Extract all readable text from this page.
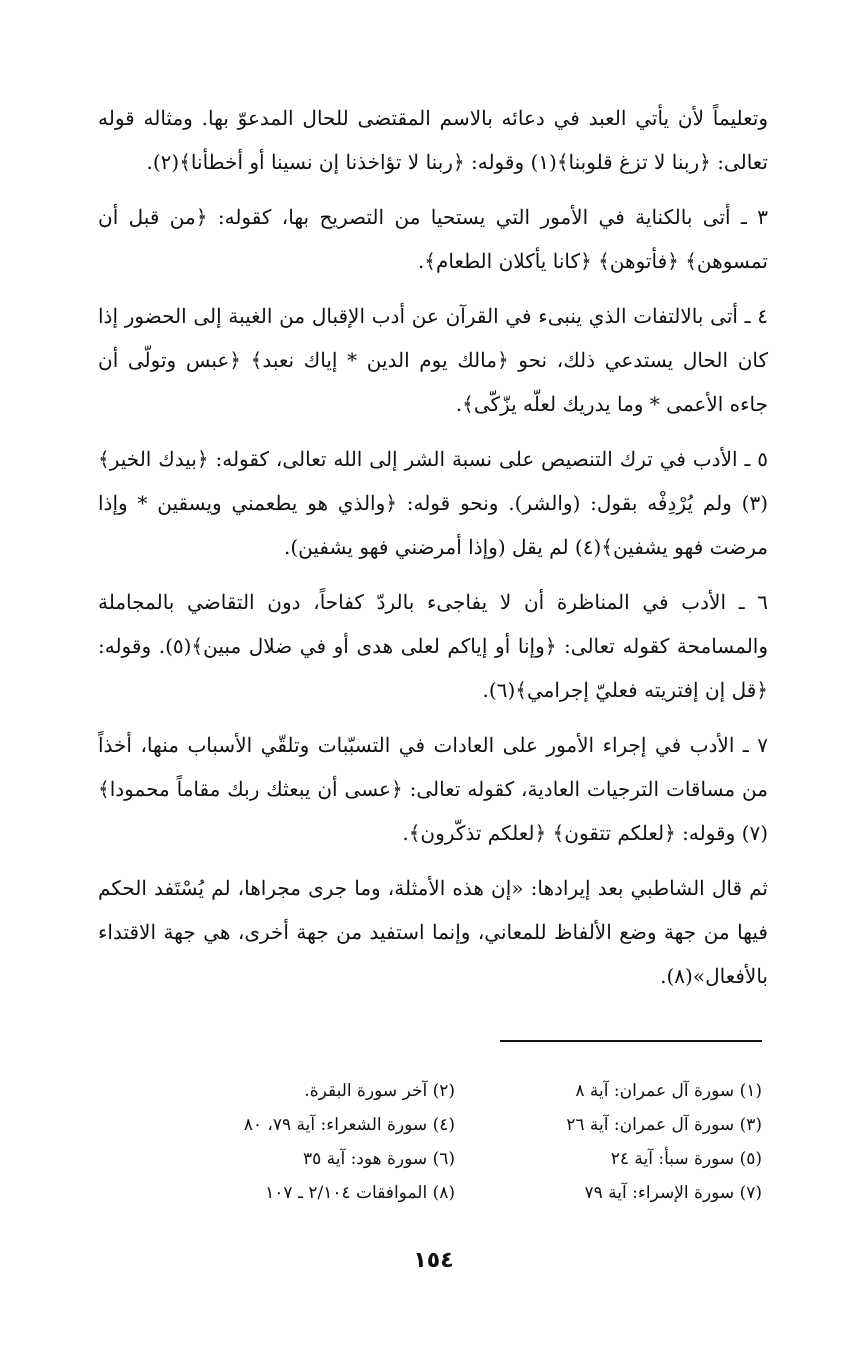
وتعليماً لأن يأتي العبد في دعائه بالاسم المقتضى للحال المدعوّ بها. ومثاله قوله تعالى: ﴿ربنا لا تزغ قلوبنا﴾(١) وقوله: ﴿ربنا لا تؤاخذنا إن نسينا أو أخطأنا﴾(٢).

٣ ـ أتى بالكناية في الأمور التي يستحيا من التصريح بها، كقوله: ﴿من قبل أن تمسوهن﴾ ﴿فأتوهن﴾ ﴿كانا يأكلان الطعام﴾.

٤ ـ أتى بالالتفات الذي ينبىء في القرآن عن أدب الإقبال من الغيبة إلى الحضور إذا كان الحال يستدعي ذلك، نحو ﴿مالك يوم الدين * إياك نعبد﴾ ﴿عبس وتولّى أن جاءه الأعمى * وما يدريك لعلّه يزّكّى﴾.

٥ ـ الأدب في ترك التنصيص على نسبة الشر إلى الله تعالى، كقوله: ﴿بيدك الخير﴾(٣) ولم يُرْدِفْه بقول: (والشر). ونحو قوله: ﴿والذي هو يطعمني ويسقين * وإذا مرضت فهو يشفين﴾(٤) لم يقل (وإذا أمرضني فهو يشفين).

٦ ـ الأدب في المناظرة أن لا يفاجىء بالردّ كفاحاً، دون التقاضي بالمجاملة والمسامحة كقوله تعالى: ﴿وإنا أو إياكم لعلى هدى أو في ضلال مبين﴾(٥). وقوله: ﴿قل إن إفتريته فعليّ إجرامي﴾(٦).

٧ ـ الأدب في إجراء الأمور على العادات في التسبّبات وتلقّي الأسباب منها، أخذاً من مساقات الترجيات العادية، كقوله تعالى: ﴿عسى أن يبعثك ربك مقاماً محمودا﴾(٧) وقوله: ﴿لعلكم تتقون﴾ ﴿لعلكم تذكّرون﴾.

ثم قال الشاطبي بعد إيرادها: «إن هذه الأمثلة، وما جرى مجراها، لم يُسْتَفد الحكم فيها من جهة وضع الألفاظ للمعاني، وإنما استفيد من جهة أخرى، هي جهة الاقتداء بالأفعال»(٨).

(١) سورة آل عمران: آية ٨
(٢) آخر سورة البقرة.
(٣) سورة آل عمران: آية ٢٦
(٤) سورة الشعراء: آية ٧٩، ٨٠
(٥) سورة سبأ: آية ٢٤
(٦) سورة هود: آية ٣٥
(٧) سورة الإسراء: آية ٧٩
(٨) الموافقات ٢/١٠٤ ـ ١٠٧
١٥٤
